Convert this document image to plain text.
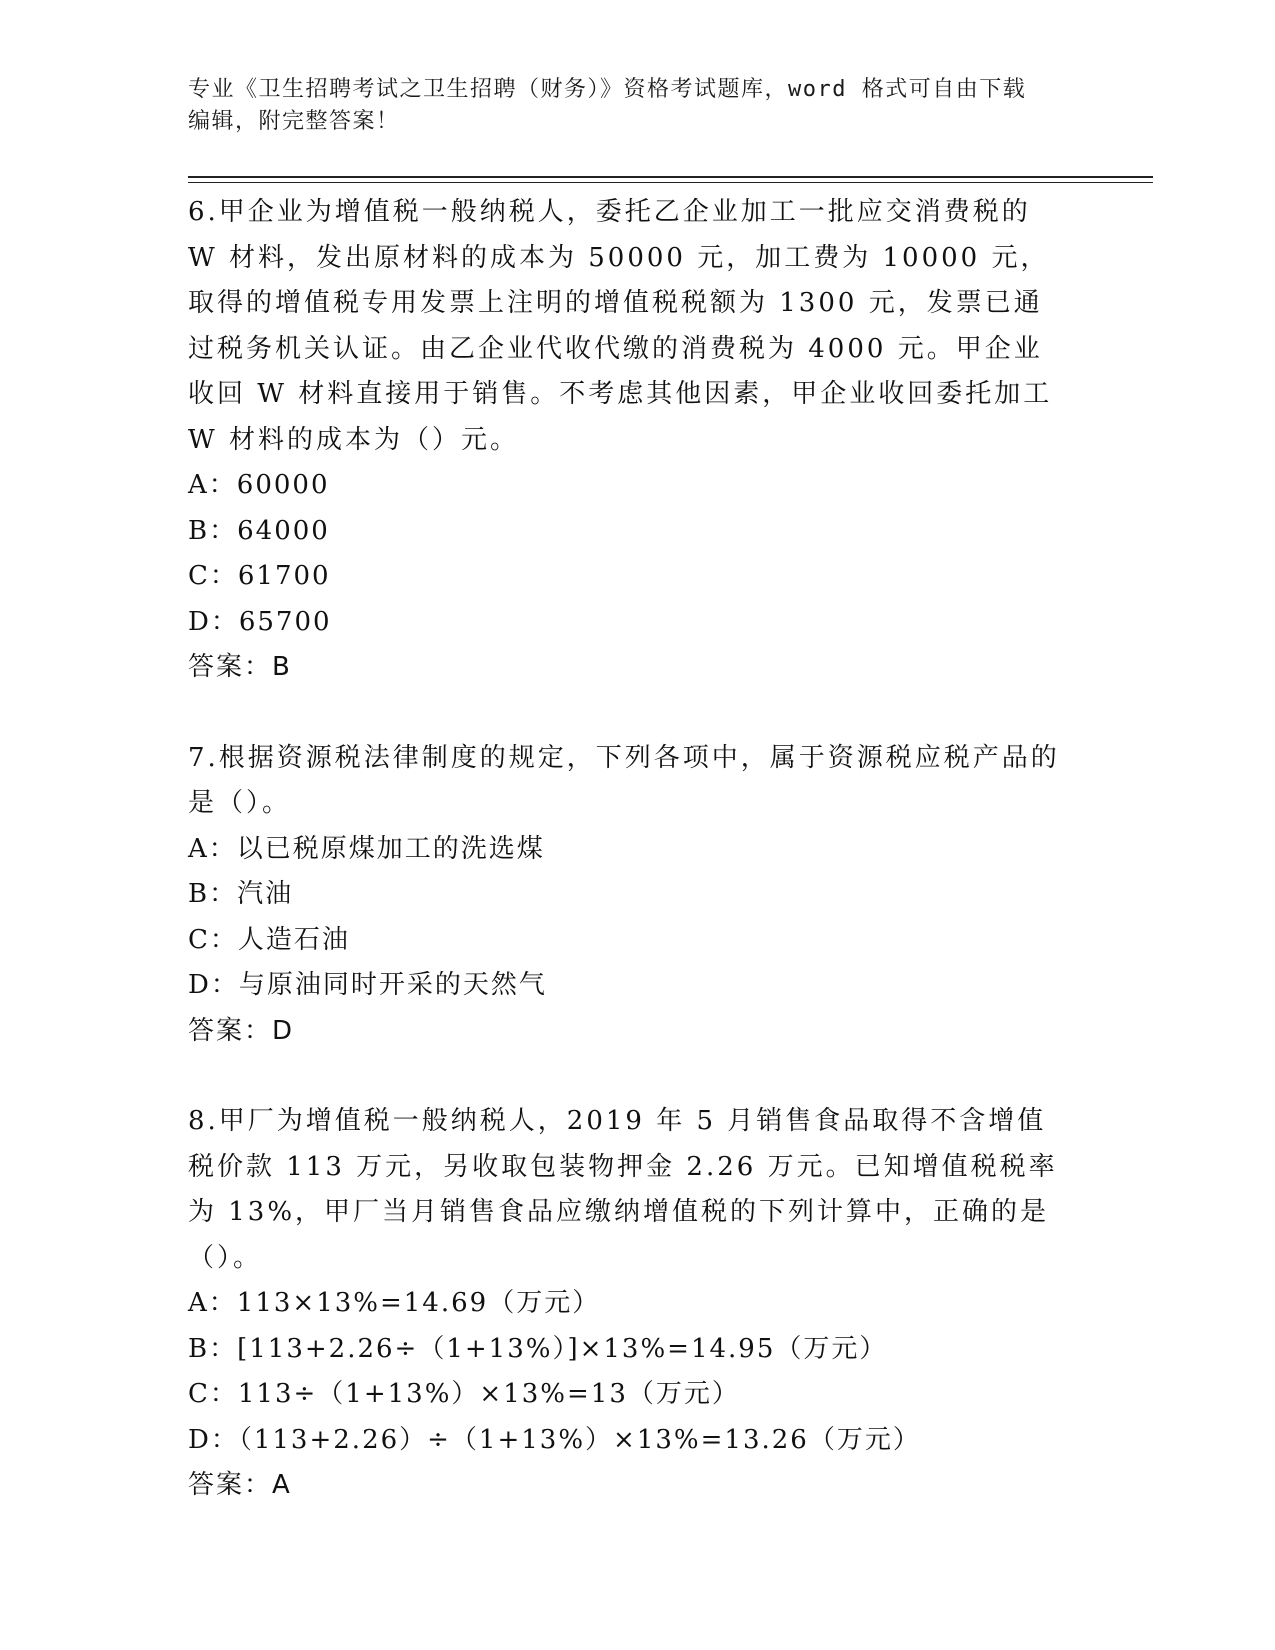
专业《卫生招聘考试之卫生招聘（财务）》资格考试题库，word 格式可自由下载
编辑，附完整答案！

6.甲企业为增值税一般纳税人，委托乙企业加工一批应交消费税的 W 材料，发出原材料的成本为 50000 元，加工费为 10000 元，取得的增值税专用发票上注明的增值税税额为 1300 元，发票已通过税务机关认证。由乙企业代收代缴的消费税为 4000 元。甲企业收回 W 材料直接用于销售。不考虑其他因素，甲企业收回委托加工 W 材料的成本为（）元。

A：60000

B：64000

C：61700

D：65700

答案：B

7.根据资源税法律制度的规定，下列各项中，属于资源税应税产品的是（）。

A：以已税原煤加工的洗选煤

B：汽油

C：人造石油

D：与原油同时开采的天然气

答案：D

8.甲厂为增值税一般纳税人，2019 年 5 月销售食品取得不含增值税价款 113 万元，另收取包装物押金 2.26 万元。已知增值税税率为 13%，甲厂当月销售食品应缴纳增值税的下列计算中，正确的是（）。

A：113×13%=14.69（万元）

B：[113+2.26÷（1+13%）]×13%=14.95（万元）

C：113÷（1+13%）×13%=13（万元）

D：（113+2.26）÷（1+13%）×13%=13.26（万元）

答案：A
